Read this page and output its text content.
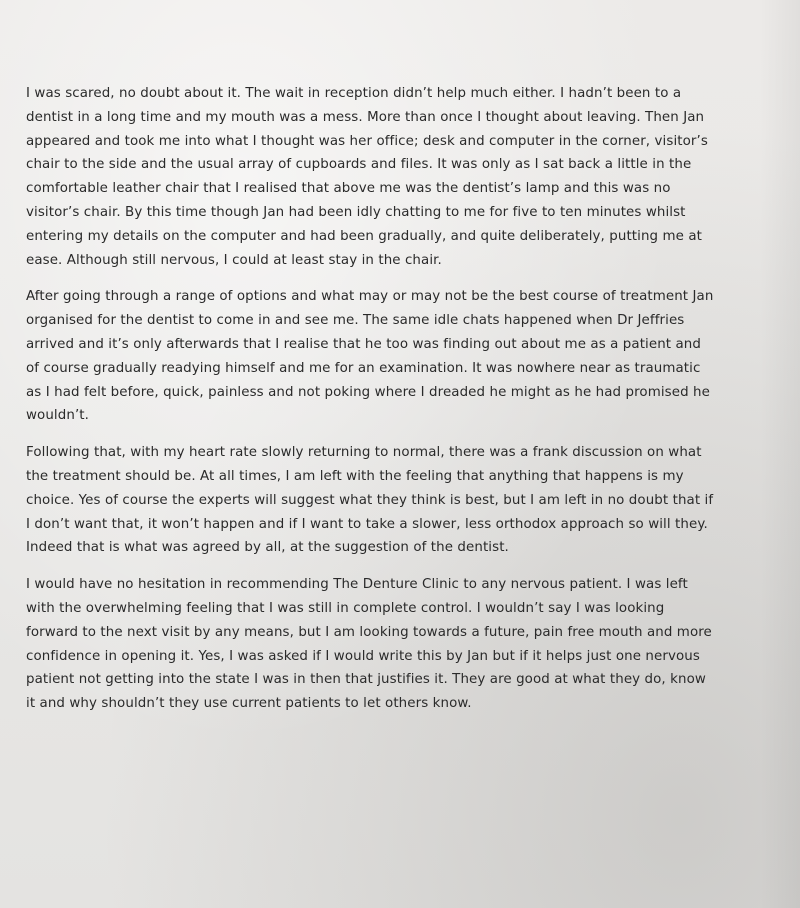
I was scared, no doubt about it. The wait in reception didn’t help much either. I hadn’t been to a
dentist in a long time and my mouth was a mess. More than once I thought about leaving. Then Jan
appeared and took me into what I thought was her office; desk and computer in the corner, visitor’s
chair to the side and the usual array of cupboards and files. It was only as I sat back a little in the
comfortable leather chair that I realised that above me was the dentist’s lamp and this was no
visitor’s chair. By this time though Jan had been idly chatting to me for five to ten minutes whilst
entering my details on the computer and had been gradually, and quite deliberately, putting me at
ease. Although still nervous, I could at least stay in the chair.

After going through a range of options and what may or may not be the best course of treatment Jan
organised for the dentist to come in and see me. The same idle chats happened when Dr Jeffries
arrived and it’s only afterwards that I realise that he too was finding out about me as a patient and
of course gradually readying himself and me for an examination. It was nowhere near as traumatic
as I had felt before, quick, painless and not poking where I dreaded he might as he had promised he
wouldn’t.

Following that, with my heart rate slowly returning to normal, there was a frank discussion on what
the treatment should be. At all times, I am left with the feeling that anything that happens is my
choice. Yes of course the experts will suggest what they think is best, but I am left in no doubt that if
I don’t want that, it won’t happen and if I want to take a slower, less orthodox approach so will they.
Indeed that is what was agreed by all, at the suggestion of the dentist.

I would have no hesitation in recommending The Denture Clinic to any nervous patient. I was left
with the overwhelming feeling that I was still in complete control. I wouldn’t say I was looking
forward to the next visit by any means, but I am looking towards a future, pain free mouth and more
confidence in opening it. Yes, I was asked if I would write this by Jan but if it helps just one nervous
patient not getting into the state I was in then that justifies it. They are good at what they do, know
it and why shouldn’t they use current patients to let others know.
